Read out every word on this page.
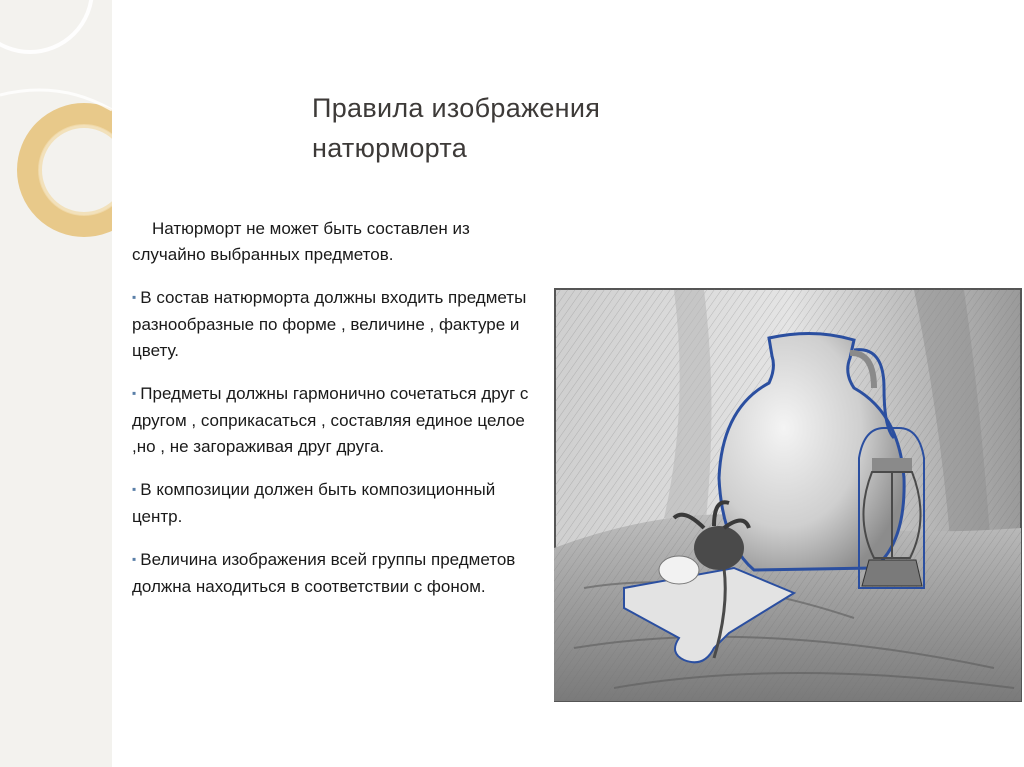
Правила изображения натюрморта

Натюрморт не может быть составлен из случайно выбранных предметов.

▪ В состав натюрморта должны входить предметы разнообразные по форме , величине , фактуре и цвету.

▪ Предметы должны гармонично сочетаться друг с другом , соприкасаться , составляя единое целое ,но , не загораживая друг друга.

▪ В композиции должен быть композиционный центр.

▪ Величина изображения всей группы предметов должна находиться в соответствии с фоном.
